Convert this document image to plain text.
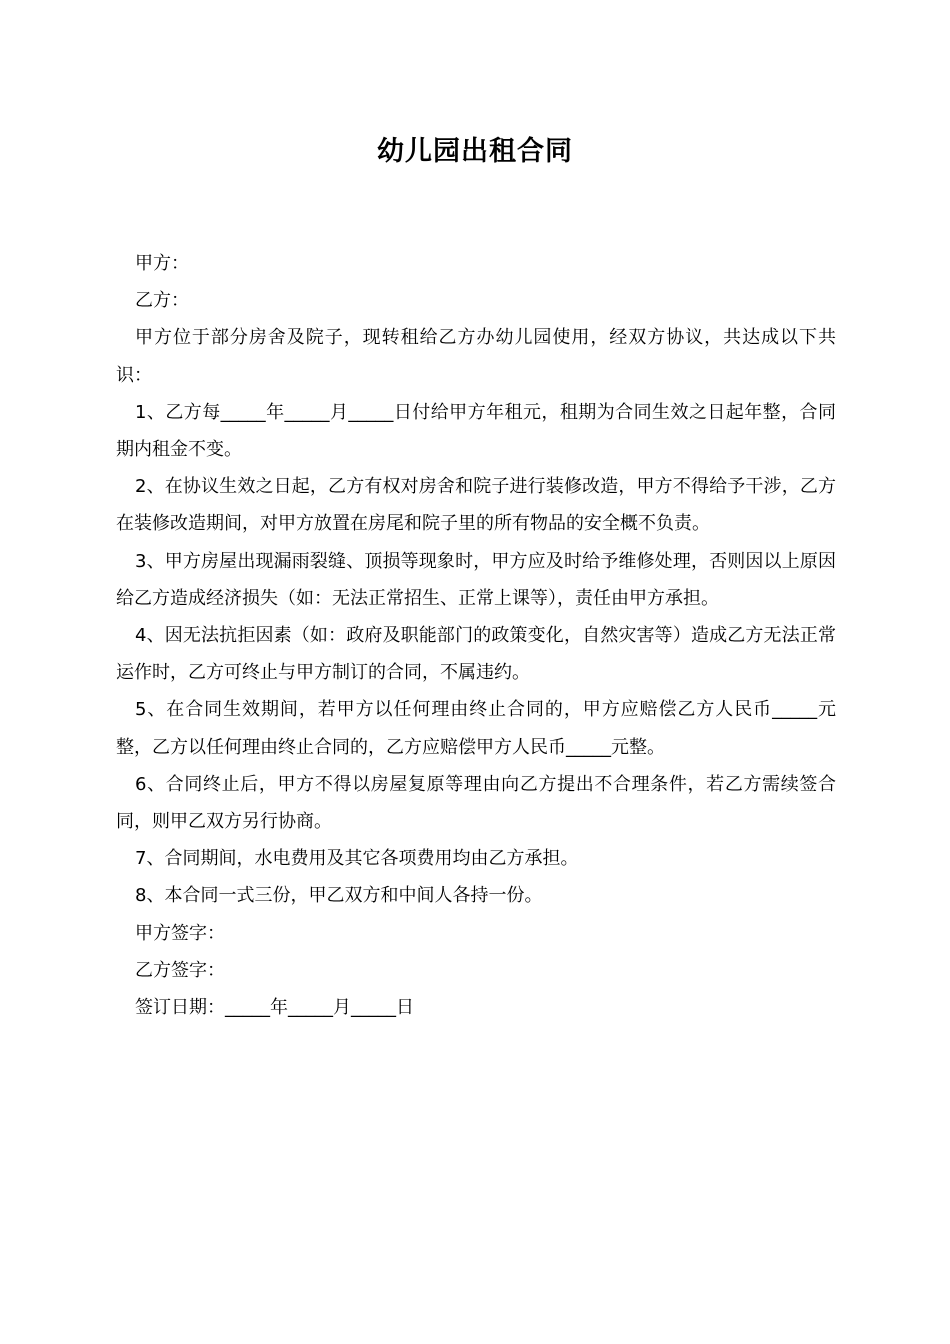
幼儿园出租合同

甲方：

乙方：

甲方位于部分房舍及院子，现转租给乙方办幼儿园使用，经双方协议，共达成以下共识：

1、乙方每_____年_____月_____日付给甲方年租元，租期为合同生效之日起年整，合同期内租金不变。

2、在协议生效之日起，乙方有权对房舍和院子进行装修改造，甲方不得给予干涉，乙方在装修改造期间，对甲方放置在房尾和院子里的所有物品的安全概不负责。

3、甲方房屋出现漏雨裂缝、顶损等现象时，甲方应及时给予维修处理，否则因以上原因给乙方造成经济损失（如：无法正常招生、正常上课等），责任由甲方承担。

4、因无法抗拒因素（如：政府及职能部门的政策变化，自然灾害等）造成乙方无法正常运作时，乙方可终止与甲方制订的合同，不属违约。

5、在合同生效期间，若甲方以任何理由终止合同的，甲方应赔偿乙方人民币_____元整，乙方以任何理由终止合同的，乙方应赔偿甲方人民币_____元整。

6、合同终止后，甲方不得以房屋复原等理由向乙方提出不合理条件，若乙方需续签合同，则甲乙双方另行协商。

7、合同期间，水电费用及其它各项费用均由乙方承担。

8、本合同一式三份，甲乙双方和中间人各持一份。

甲方签字：

乙方签字：

签订日期：_____年_____月_____日
